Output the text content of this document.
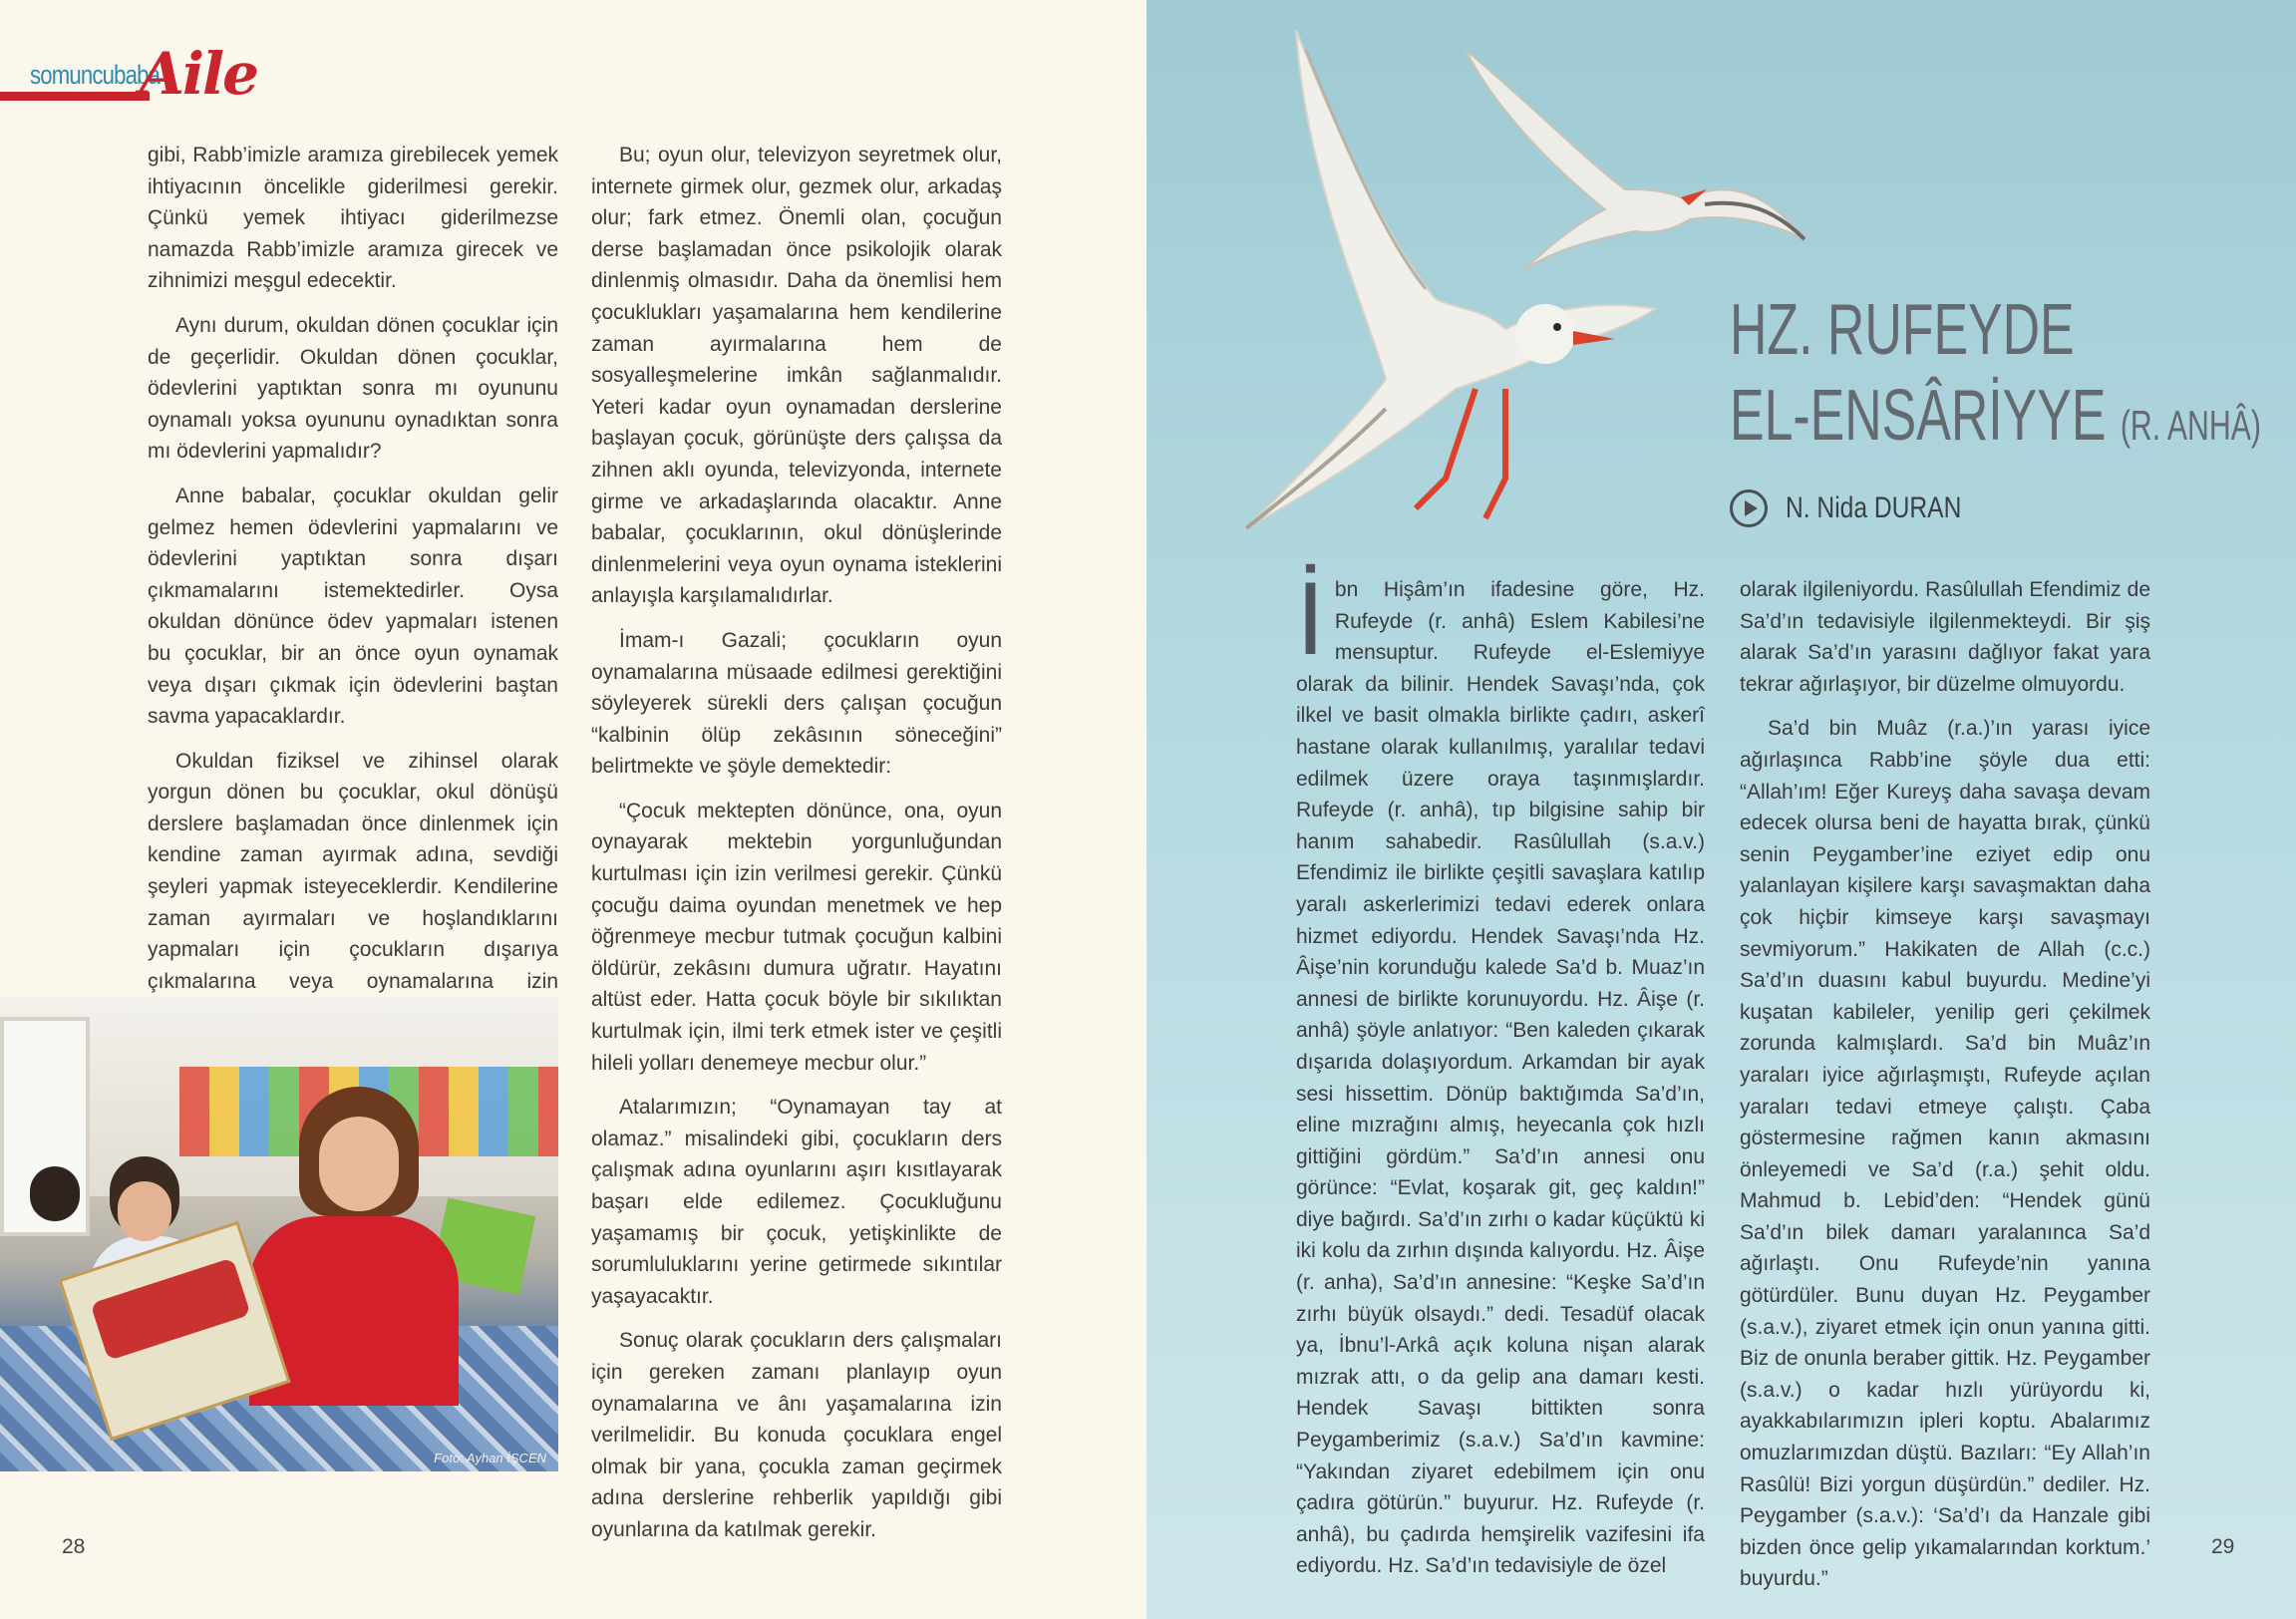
somuncubaba
Aile

gibi, Rabb’imizle aramıza girebilecek yemek ihtiyacının öncelikle giderilmesi gerekir. Çünkü yemek ihtiyacı giderilmezse namazda Rabb’imizle aramıza girecek ve zihnimizi meşgul edecektir.

Aynı durum, okuldan dönen çocuklar için de geçerlidir. Okuldan dönen çocuklar, ödevlerini yaptıktan sonra mı oyununu oynamalı yoksa oyununu oynadıktan sonra mı ödevlerini yapmalıdır?

Anne babalar, çocuklar okuldan gelir gelmez hemen ödevlerini yapmalarını ve ödevlerini yaptıktan sonra dışarı çıkmamalarını istemektedirler. Oysa okuldan dönünce ödev yapmaları istenen bu çocuklar, bir an önce oyun oynamak veya dışarı çıkmak için ödevlerini baştan savma yapacaklardır.

Okuldan fiziksel ve zihinsel olarak yorgun dönen bu çocuklar, okul dönüşü derslere başlamadan önce dinlenmek için kendine zaman ayırmak adına, sevdiği şeyleri yapmak isteyeceklerdir. Kendilerine zaman ayırmaları ve hoşlandıklarını yapmaları için çocukların dışarıya çıkmalarına veya oynamalarına izin

Bu; oyun olur, televizyon seyretmek olur, internete girmek olur, gezmek olur, arkadaş olur; fark etmez. Önemli olan, çocuğun derse başlamadan önce psikolojik olarak dinlenmiş olmasıdır. Daha da önemlisi hem çocuklukları yaşamalarına hem kendilerine zaman ayırmalarına hem de sosyalleşmelerine imkân sağlanmalıdır. Yeteri kadar oyun oynamadan derslerine başlayan çocuk, görünüşte ders çalışsa da zihnen aklı oyunda, televizyonda, internete girme ve arkadaşlarında olacaktır. Anne babalar, çocuklarının, okul dönüşlerinde dinlenmelerini veya oyun oynama isteklerini anlayışla karşılamalıdırlar.

İmam-ı Gazali; çocukların oyun oynamalarına müsaade edilmesi gerektiğini söyleyerek sürekli ders çalışan çocuğun “kalbinin ölüp zekâsının söneceğini” belirtmekte ve şöyle demektedir:

“Çocuk mektepten dönünce, ona, oyun oynayarak mektebin yorgunluğundan kurtulması için izin verilmesi gerekir. Çünkü çocuğu daima oyundan menetmek ve hep öğrenmeye mecbur tutmak çocuğun kalbini öldürür, zekâsını dumura uğratır. Hayatını altüst eder. Hatta çocuk böyle bir sıkılıktan kurtulmak için, ilmi terk etmek ister ve çeşitli hileli yolları denemeye mecbur olur.”

Atalarımızın; “Oynamayan tay at olamaz.” misalindeki gibi, çocukların ders çalışmak adına oyunlarını aşırı kısıtlayarak başarı elde edilemez. Çocukluğunu yaşamamış bir çocuk, yetişkinlikte de sorumluluklarını yerine getirmede sıkıntılar yaşayacaktır.

Sonuç olarak çocukların ders çalışmaları için gereken zamanı planlayıp oyun oynamalarına ve ânı yaşamalarına izin verilmelidir. Bu konuda çocuklara engel olmak bir yana, çocukla zaman geçirmek adına derslerine rehberlik yapıldığı gibi oyunlarına da katılmak gerekir.

Foto: Ayhan İŞCEN
28	29
HZ. RUFEYDE
EL-ENSÂRİYYE (R. ANHÂ)
N. Nida DURAN

İbn Hişâm’ın ifadesine göre, Hz. Rufeyde (r. anhâ) Eslem Kabilesi’ne mensuptur. Rufeyde el-Eslemiyye olarak da bilinir. Hendek Savaşı’nda, çok ilkel ve basit olmakla birlikte çadırı, askerî hastane olarak kullanılmış, yaralılar tedavi edilmek üzere oraya taşınmışlardır. Rufeyde (r. anhâ), tıp bilgisine sahip bir hanım sahabedir. Rasûlullah (s.a.v.) Efendimiz ile birlikte çeşitli savaşlara katılıp yaralı askerlerimizi tedavi ederek onlara hizmet ediyordu. Hendek Savaşı’nda Hz. Âişe’nin korunduğu kalede Sa’d b. Muaz’ın annesi de birlikte korunuyordu. Hz. Âişe (r. anhâ) şöyle anlatıyor: “Ben kaleden çıkarak dışarıda dolaşıyordum. Arkamdan bir ayak sesi hissettim. Dönüp baktığımda Sa’d’ın, eline mızrağını almış, heyecanla çok hızlı gittiğini gördüm.” Sa’d’ın annesi onu görünce: “Evlat, koşarak git, geç kaldın!” diye bağırdı. Sa’d’ın zırhı o kadar küçüktü ki iki kolu da zırhın dışında kalıyordu. Hz. Âişe (r. anha), Sa’d’ın annesine: “Keşke Sa’d’ın zırhı büyük olsaydı.” dedi. Tesadüf olacak ya, İbnu’l-Arkâ açık koluna nişan alarak mızrak attı, o da gelip ana damarı kesti. Hendek Savaşı bittikten sonra Peygamberimiz (s.a.v.) Sa’d’ın kavmine: “Yakından ziyaret edebilmem için onu çadıra götürün.” buyurur. Hz. Rufeyde (r. anhâ), bu çadırda hemşirelik vazifesini ifa ediyordu. Hz. Sa’d’ın tedavisiyle de özel

olarak ilgileniyordu. Rasûlullah Efendimiz de Sa’d’ın tedavisiyle ilgilenmekteydi. Bir şiş alarak Sa’d’ın yarasını dağlıyor fakat yara tekrar ağırlaşıyor, bir düzelme olmuyordu.

Sa’d bin Muâz (r.a.)’ın yarası iyice ağırlaşınca Rabb’ine şöyle dua etti: “Allah’ım! Eğer Kureyş daha savaşa devam edecek olursa beni de hayatta bırak, çünkü senin Peygamber’ine eziyet edip onu yalanlayan kişilere karşı savaşmaktan daha çok hiçbir kimseye karşı savaşmayı sevmiyorum.” Hakikaten de Allah (c.c.) Sa’d’ın duasını kabul buyurdu. Medine’yi kuşatan kabileler, yenilip geri çekilmek zorunda kalmışlardı. Sa’d bin Muâz’ın yaraları iyice ağırlaşmıştı, Rufeyde açılan yaraları tedavi etmeye çalıştı. Çaba göstermesine rağmen kanın akmasını önleyemedi ve Sa’d (r.a.) şehit oldu. Mahmud b. Lebid’den: “Hendek günü Sa’d’ın bilek damarı yaralanınca Sa’d ağırlaştı. Onu Rufeyde’nin yanına götürdüler. Bunu duyan Hz. Peygamber (s.a.v.), ziyaret etmek için onun yanına gitti. Biz de onunla beraber gittik. Hz. Peygamber (s.a.v.) o kadar hızlı yürüyordu ki, ayakkabılarımızın ipleri koptu. Abalarımız omuzlarımızdan düştü. Bazıları: “Ey Allah’ın Rasûlü! Bizi yorgun düşürdün.” dediler. Hz. Peygamber (s.a.v.): ‘Sa’d’ı da Hanzale gibi bizden önce gelip yıkamalarından korktum.’ buyurdu.”
